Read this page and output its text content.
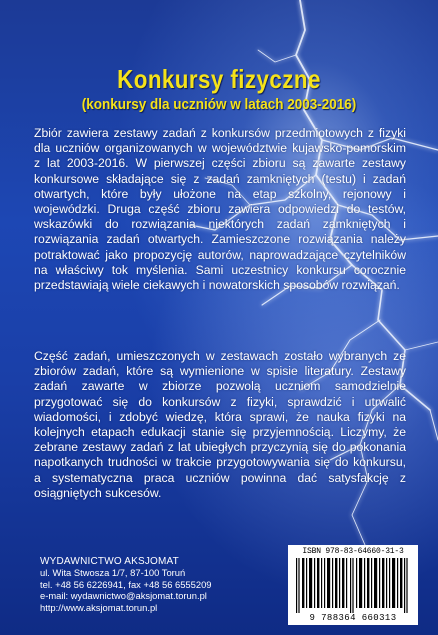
Konkursy fizyczne
(konkursy dla uczniów w latach 2003-2016)
Zbiór zawiera zestawy zadań z konkursów przedmiotowych z fizyki dla uczniów organizowanych w województwie kujawsko-pomorskim z lat 2003-2016. W pierwszej części zbioru są zawarte zestawy konkursowe składające się z zadań zamkniętych (testu) i zadań otwartych, które były ułożone na etap szkolny, rejonowy i wojewódzki. Druga część zbioru zawiera odpowiedzi do testów, wskazówki do rozwiązania niektórych zadań zamkniętych i rozwiązania zadań otwartych. Zamieszczone rozwiązania należy potraktować jako propozycję autorów, naprowadzające czytelników na właściwy tok myślenia. Sami uczestnicy konkursu corocznie przedstawiają wiele ciekawych i nowatorskich sposobów rozwiązań.
Część zadań, umieszczonych w zestawach zostało wybranych ze zbiorów zadań, które są wymienione w spisie literatury. Zestawy zadań zawarte w zbiorze pozwolą uczniom samodzielnie przygotować się do konkursów z fizyki, sprawdzić i utrwalić wiadomości, i zdobyć wiedzę, która sprawi, że nauka fizyki na kolejnych etapach edukacji stanie się przyjemnością. Liczymy, że zebrane zestawy zadań z lat ubiegłych przyczynią się do pokonania napotkanych trudności w trakcie przygotowywania się do konkursu, a systematyczna praca uczniów powinna dać satysfakcję z osiągniętych sukcesów.
WYDAWNICTWO AKSJOMAT
ul. Wita Stwosza 1/7, 87-100 Toruń
tel. +48 56 6226941, fax +48 56 6555209
e-mail: wydawnictwo@aksjomat.torun.pl
http://www.aksjomat.torun.pl
ISBN 978-83-64660-31-3
9 788364 660313
